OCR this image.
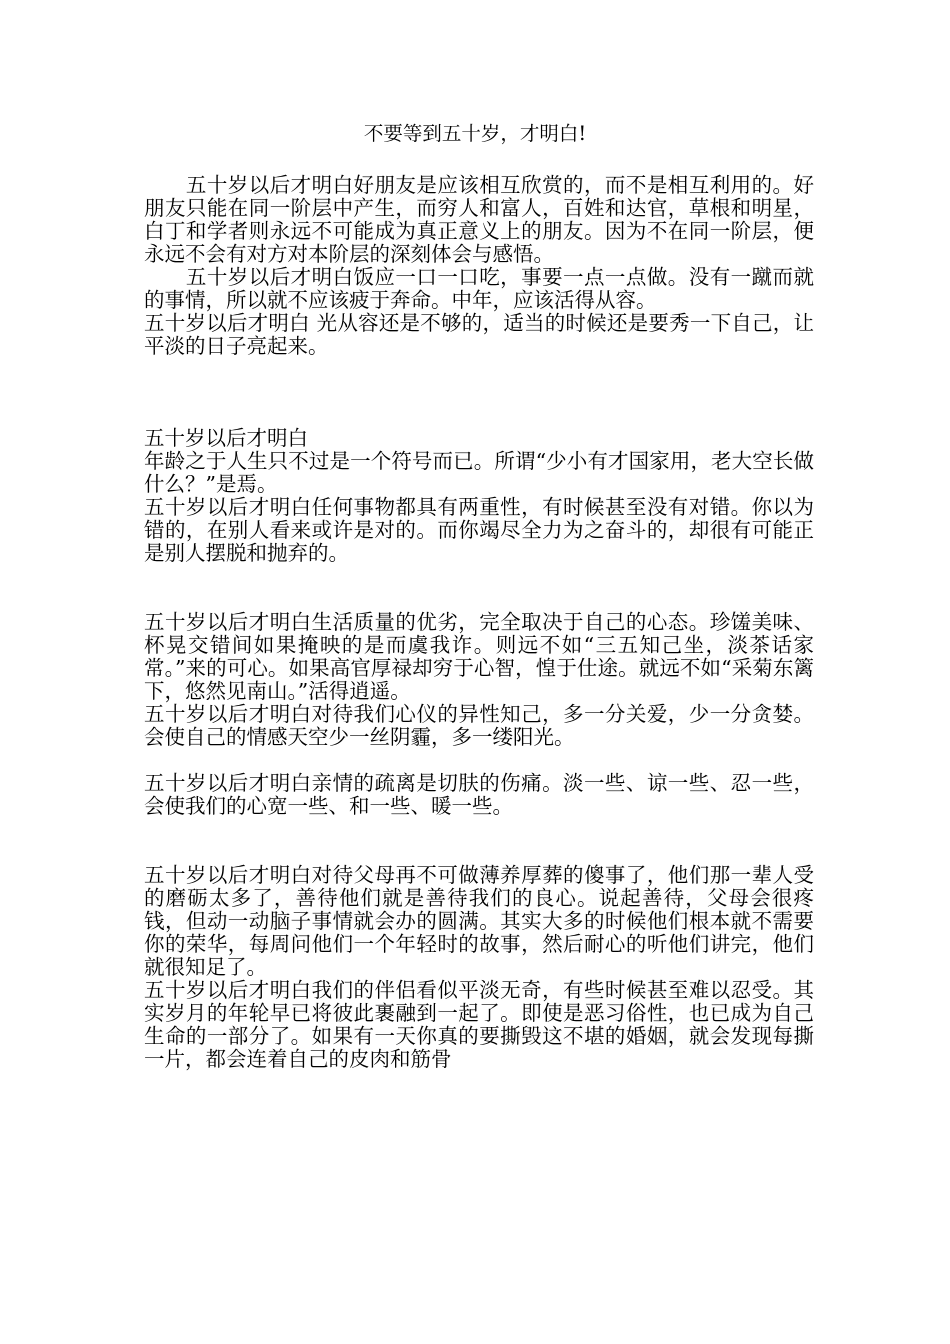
不要等到五十岁，才明白!

　　五十岁以后才明白好朋友是应该相互欣赏的，而不是相互利用的。好朋友只能在同一阶层中产生，而穷人和富人，百姓和达官，草根和明星，白丁和学者则永远不可能成为真正意义上的朋友。因为不在同一阶层，便永远不会有对方对本阶层的深刻体会与感悟。

　　五十岁以后才明白饭应一口一口吃，事要一点一点做。没有一蹴而就的事情，所以就不应该疲于奔命。中年，应该活得从容。

五十岁以后才明白 光从容还是不够的，适当的时候还是要秀一下自己，让平淡的日子亮起来。

五十岁以后才明白

年龄之于人生只不过是一个符号而已。所谓“少小有才国家用，老大空长做什么？”是焉。

五十岁以后才明白任何事物都具有两重性，有时候甚至没有对错。你以为错的，在别人看来或许是对的。而你竭尽全力为之奋斗的，却很有可能正是别人摆脱和抛弃的。

五十岁以后才明白生活质量的优劣，完全取决于自己的心态。珍馐美味、杯晃交错间如果掩映的是而虞我诈。则远不如“三五知己坐，淡茶话家常。”来的可心。如果高官厚禄却穷于心智，惶于仕途。就远不如“采菊东篱下，悠然见南山。”活得逍遥。

五十岁以后才明白对待我们心仪的异性知己，多一分关爱，少一分贪婪。会使自己的情感天空少一丝阴霾，多一缕阳光。

五十岁以后才明白亲情的疏离是切肤的伤痛。淡一些、谅一些、忍一些，会使我们的心宽一些、和一些、暖一些。

五十岁以后才明白对待父母再不可做薄养厚葬的傻事了，他们那一辈人受的磨砺太多了，善待他们就是善待我们的良心。说起善待，父母会很疼钱，但动一动脑子事情就会办的圆满。其实大多的时候他们根本就不需要你的荣华，每周问他们一个年轻时的故事，然后耐心的听他们讲完，他们就很知足了。

五十岁以后才明白我们的伴侣看似平淡无奇，有些时候甚至难以忍受。其实岁月的年轮早已将彼此裹融到一起了。即使是恶习俗性，也已成为自己生命的一部分了。如果有一天你真的要撕毁这不堪的婚姻，就会发现每撕一片，都会连着自己的皮肉和筋骨
